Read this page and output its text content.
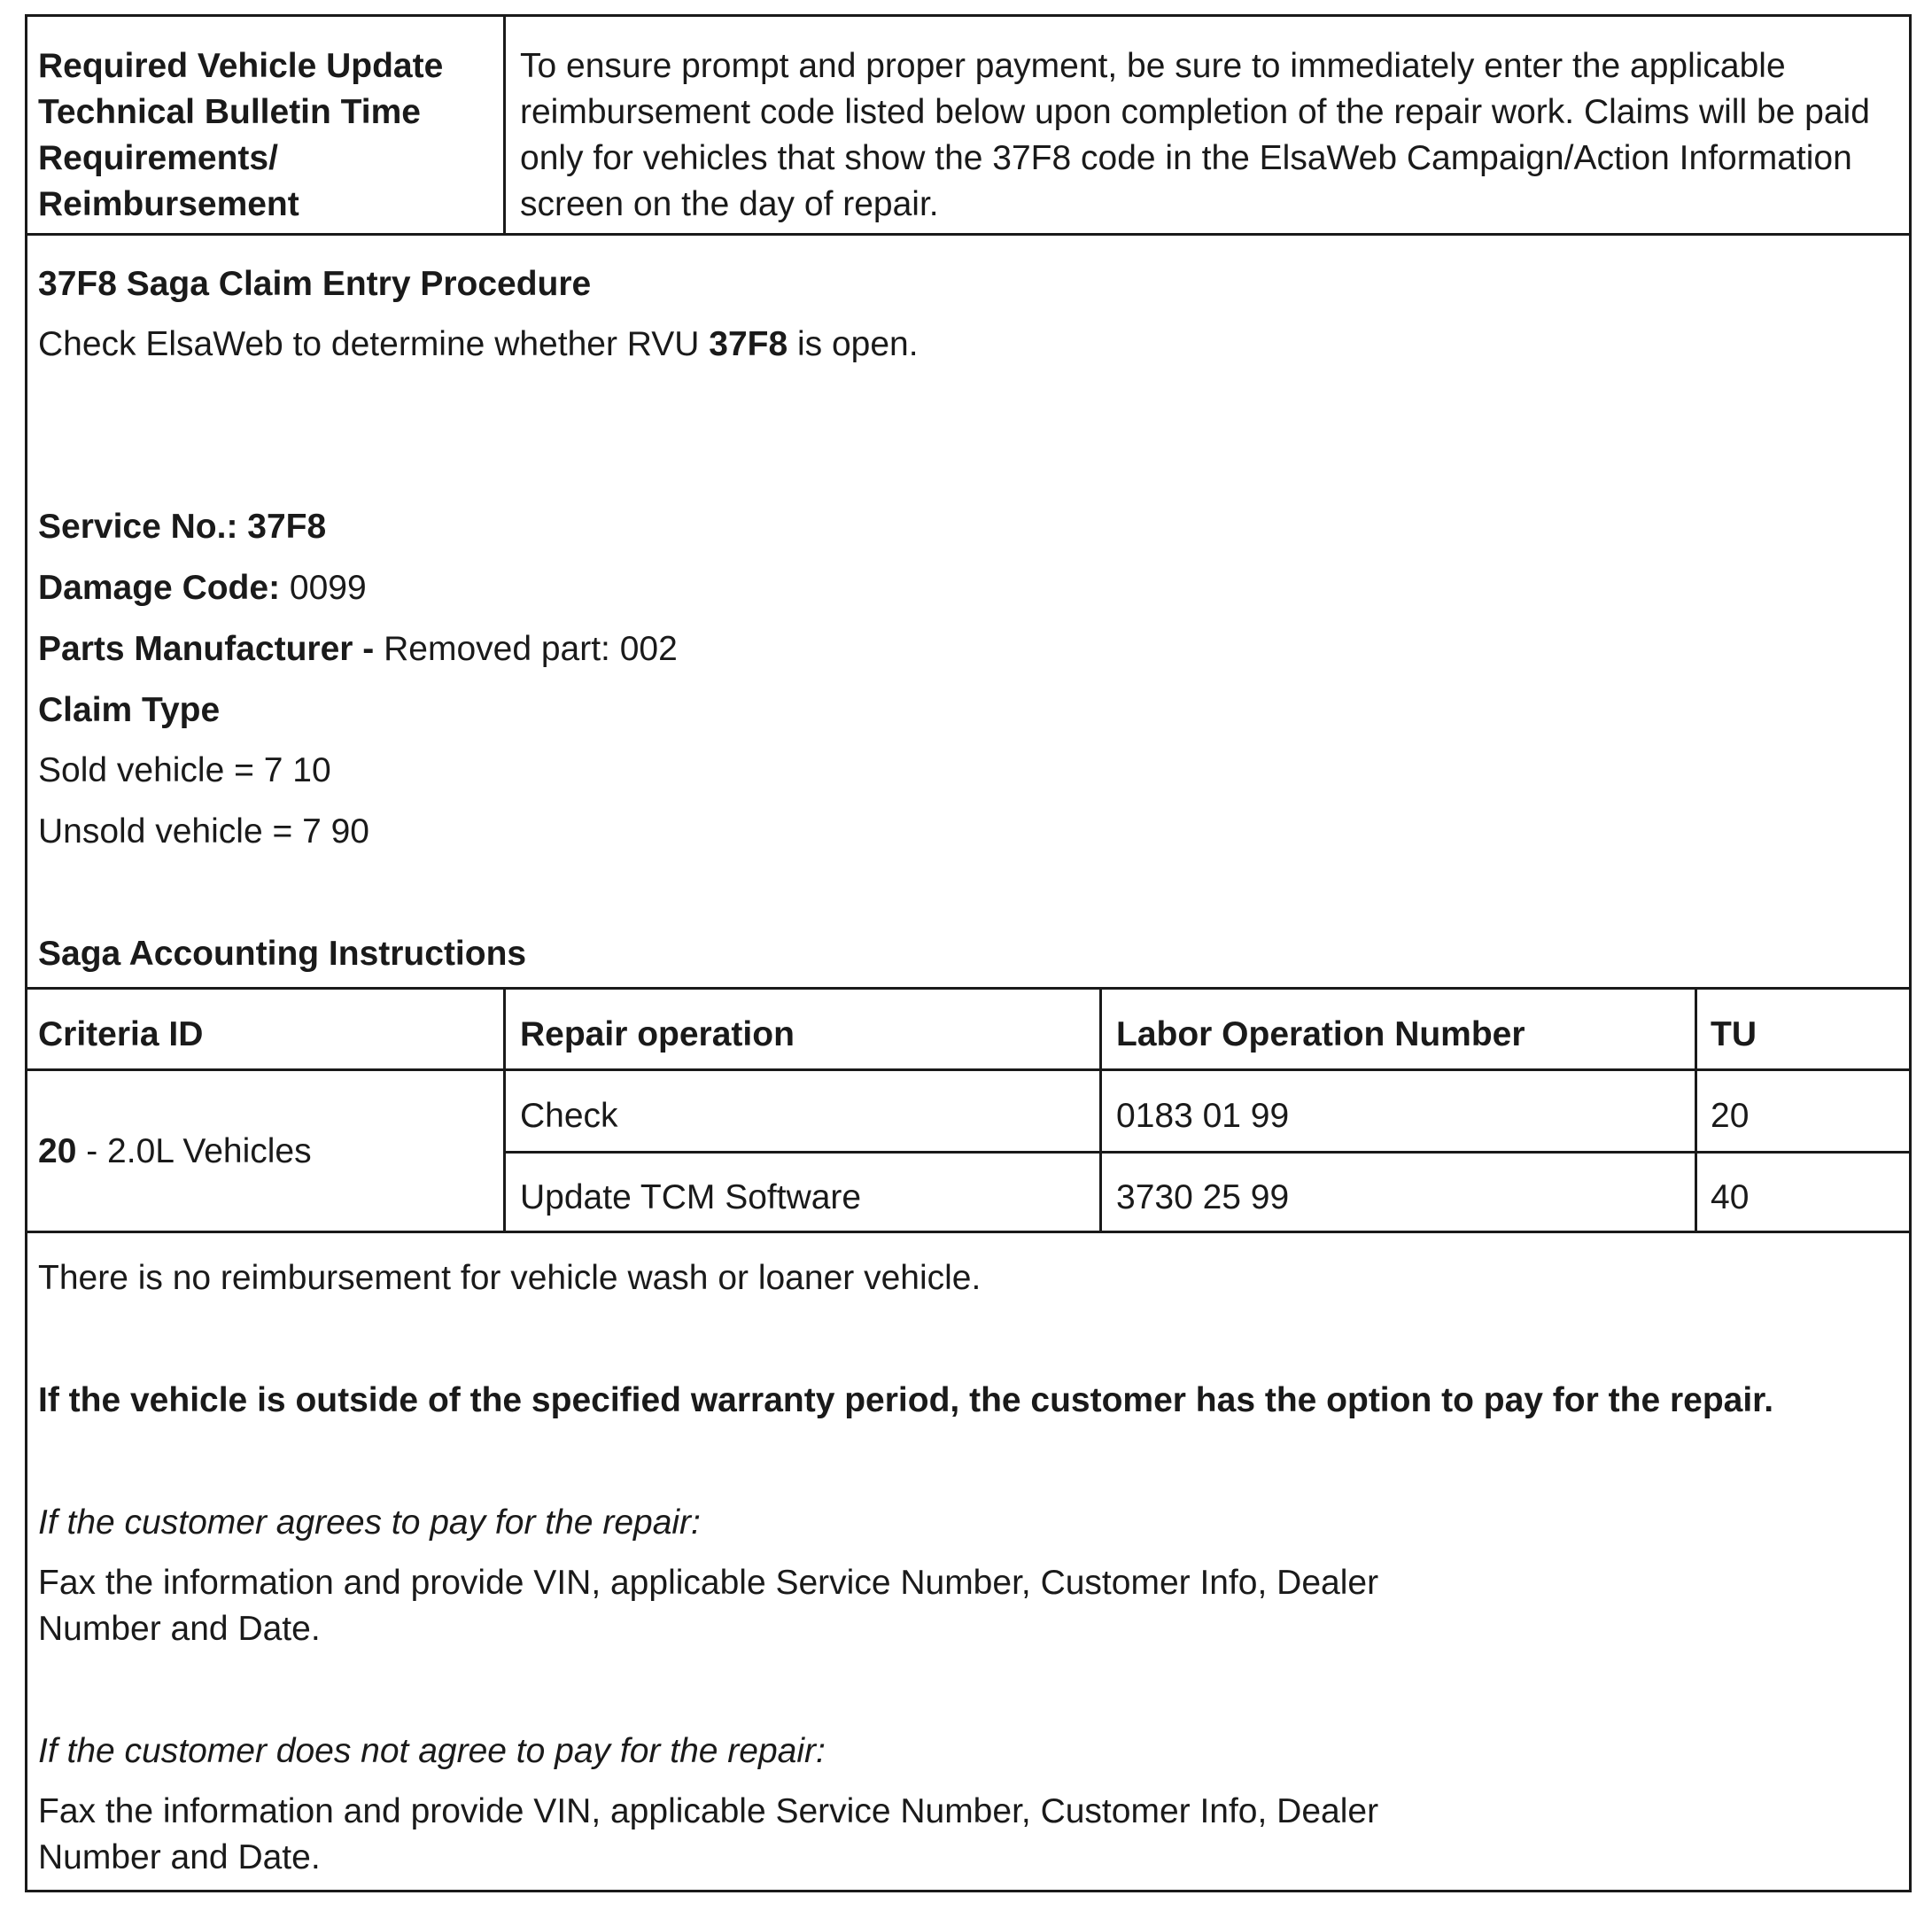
Required Vehicle Update
Technical Bulletin Time
Requirements/
Reimbursement
To ensure prompt and proper payment, be sure to immediately enter the applicable reimbursement code listed below upon completion of the repair work. Claims will be paid only for vehicles that show the 37F8 code in the ElsaWeb Campaign/Action Information screen on the day of repair.
37F8 Saga Claim Entry Procedure
Check ElsaWeb to determine whether RVU 37F8 is open.
Service No.: 37F8
Damage Code: 0099
Parts Manufacturer - Removed part: 002
Claim Type
Sold vehicle = 7 10
Unsold vehicle = 7 90
Saga Accounting Instructions
Criteria ID	Repair operation	Labor Operation Number	TU
20 - 2.0L Vehicles
Check	0183 01 99	20
Update TCM Software	3730 25 99	40
There is no reimbursement for vehicle wash or loaner vehicle.
If the vehicle is outside of the specified warranty period, the customer has the option to pay for the repair.
If the customer agrees to pay for the repair:
Fax the information and provide VIN, applicable Service Number, Customer Info, Dealer
Number and Date.
If the customer does not agree to pay for the repair:
Fax the information and provide VIN, applicable Service Number, Customer Info, Dealer
Number and Date.
